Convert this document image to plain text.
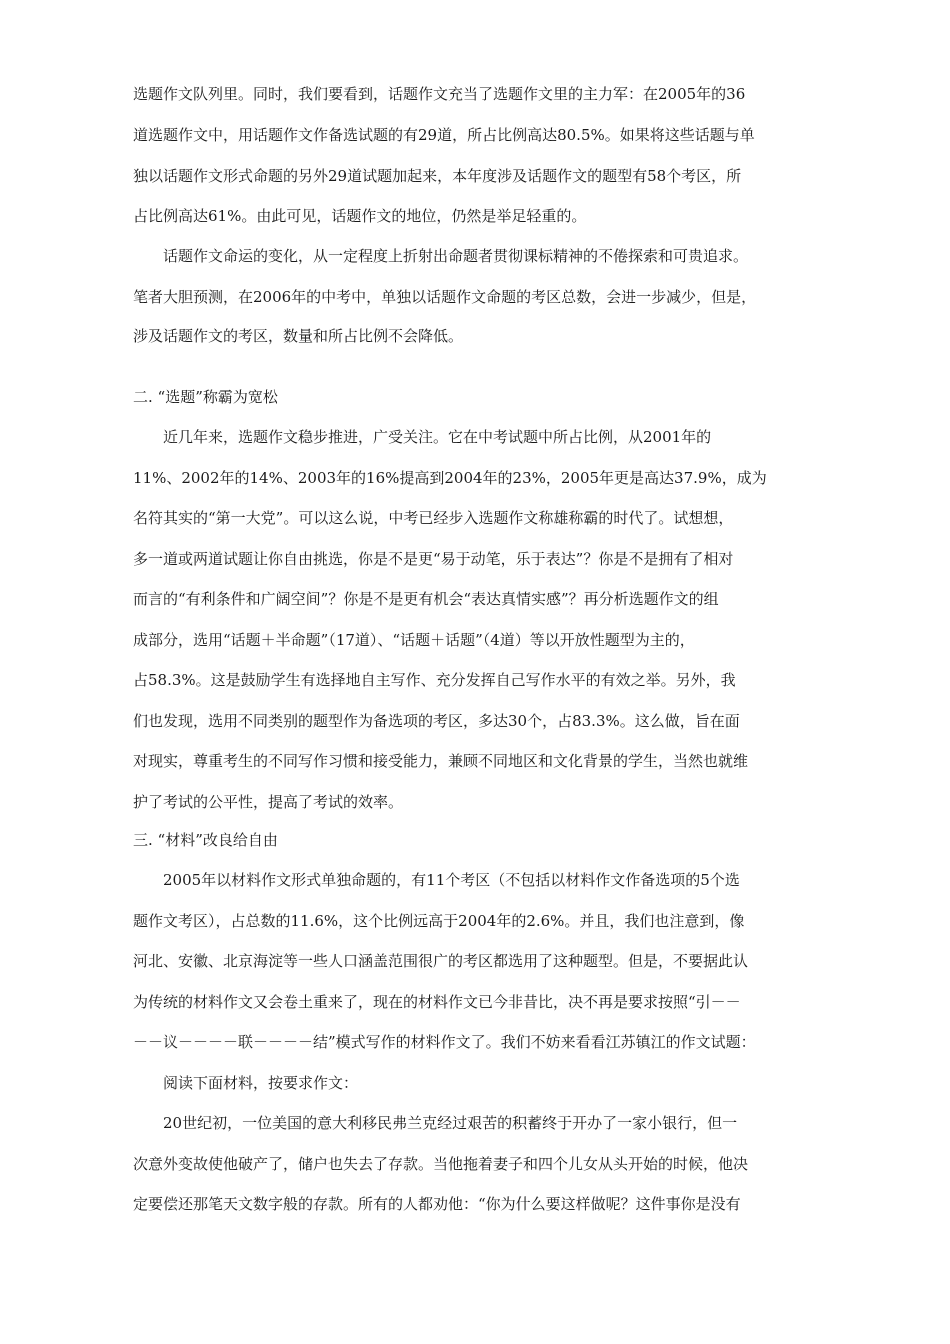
选题作文队列里。同时，我们要看到，话题作文充当了选题作文里的主力军：在2005年的36

道选题作文中，用话题作文作备选试题的有29道，所占比例高达80.5%。如果将这些话题与单

独以话题作文形式命题的另外29道试题加起来，本年度涉及话题作文的题型有58个考区，所

占比例高达61%。由此可见，话题作文的地位，仍然是举足轻重的。

话题作文命运的变化，从一定程度上折射出命题者贯彻课标精神的不倦探索和可贵追求。

笔者大胆预测，在2006年的中考中，单独以话题作文命题的考区总数，会进一步减少，但是，

涉及话题作文的考区，数量和所占比例不会降低。

二. “选题”称霸为宽松

近几年来，选题作文稳步推进，广受关注。它在中考试题中所占比例，从2001年的

11%、2002年的14%、2003年的16%提高到2004年的23%，2005年更是高达37.9%，成为

名符其实的“第一大党”。可以这么说，中考已经步入选题作文称雄称霸的时代了。试想想，

多一道或两道试题让你自由挑选，你是不是更“易于动笔，乐于表达”？你是不是拥有了相对

而言的“有利条件和广阔空间”？你是不是更有机会“表达真情实感”？再分析选题作文的组

成部分，选用“话题＋半命题”（17道）、“话题＋话题”（4道）等以开放性题型为主的，

占58.3%。这是鼓励学生有选择地自主写作、充分发挥自己写作水平的有效之举。另外，我

们也发现，选用不同类别的题型作为备选项的考区，多达30个，占83.3%。这么做，旨在面

对现实，尊重考生的不同写作习惯和接受能力，兼顾不同地区和文化背景的学生，当然也就维

护了考试的公平性，提高了考试的效率。

三. “材料”改良给自由

2005年以材料作文形式单独命题的，有11个考区（不包括以材料作文作备选项的5个选

题作文考区），占总数的11.6%，这个比例远高于2004年的2.6%。并且，我们也注意到，像

河北、安徽、北京海淀等一些人口涵盖范围很广的考区都选用了这种题型。但是，不要据此认

为传统的材料作文又会卷土重来了，现在的材料作文已今非昔比，决不再是要求按照“引－－

－－议－－－－联－－－－结”模式写作的材料作文了。我们不妨来看看江苏镇江的作文试题：

阅读下面材料，按要求作文：

20世纪初，一位美国的意大利移民弗兰克经过艰苦的积蓄终于开办了一家小银行，但一

次意外变故使他破产了，储户也失去了存款。当他拖着妻子和四个儿女从头开始的时候，他决

定要偿还那笔天文数字般的存款。所有的人都劝他：“你为什么要这样做呢？这件事你是没有
